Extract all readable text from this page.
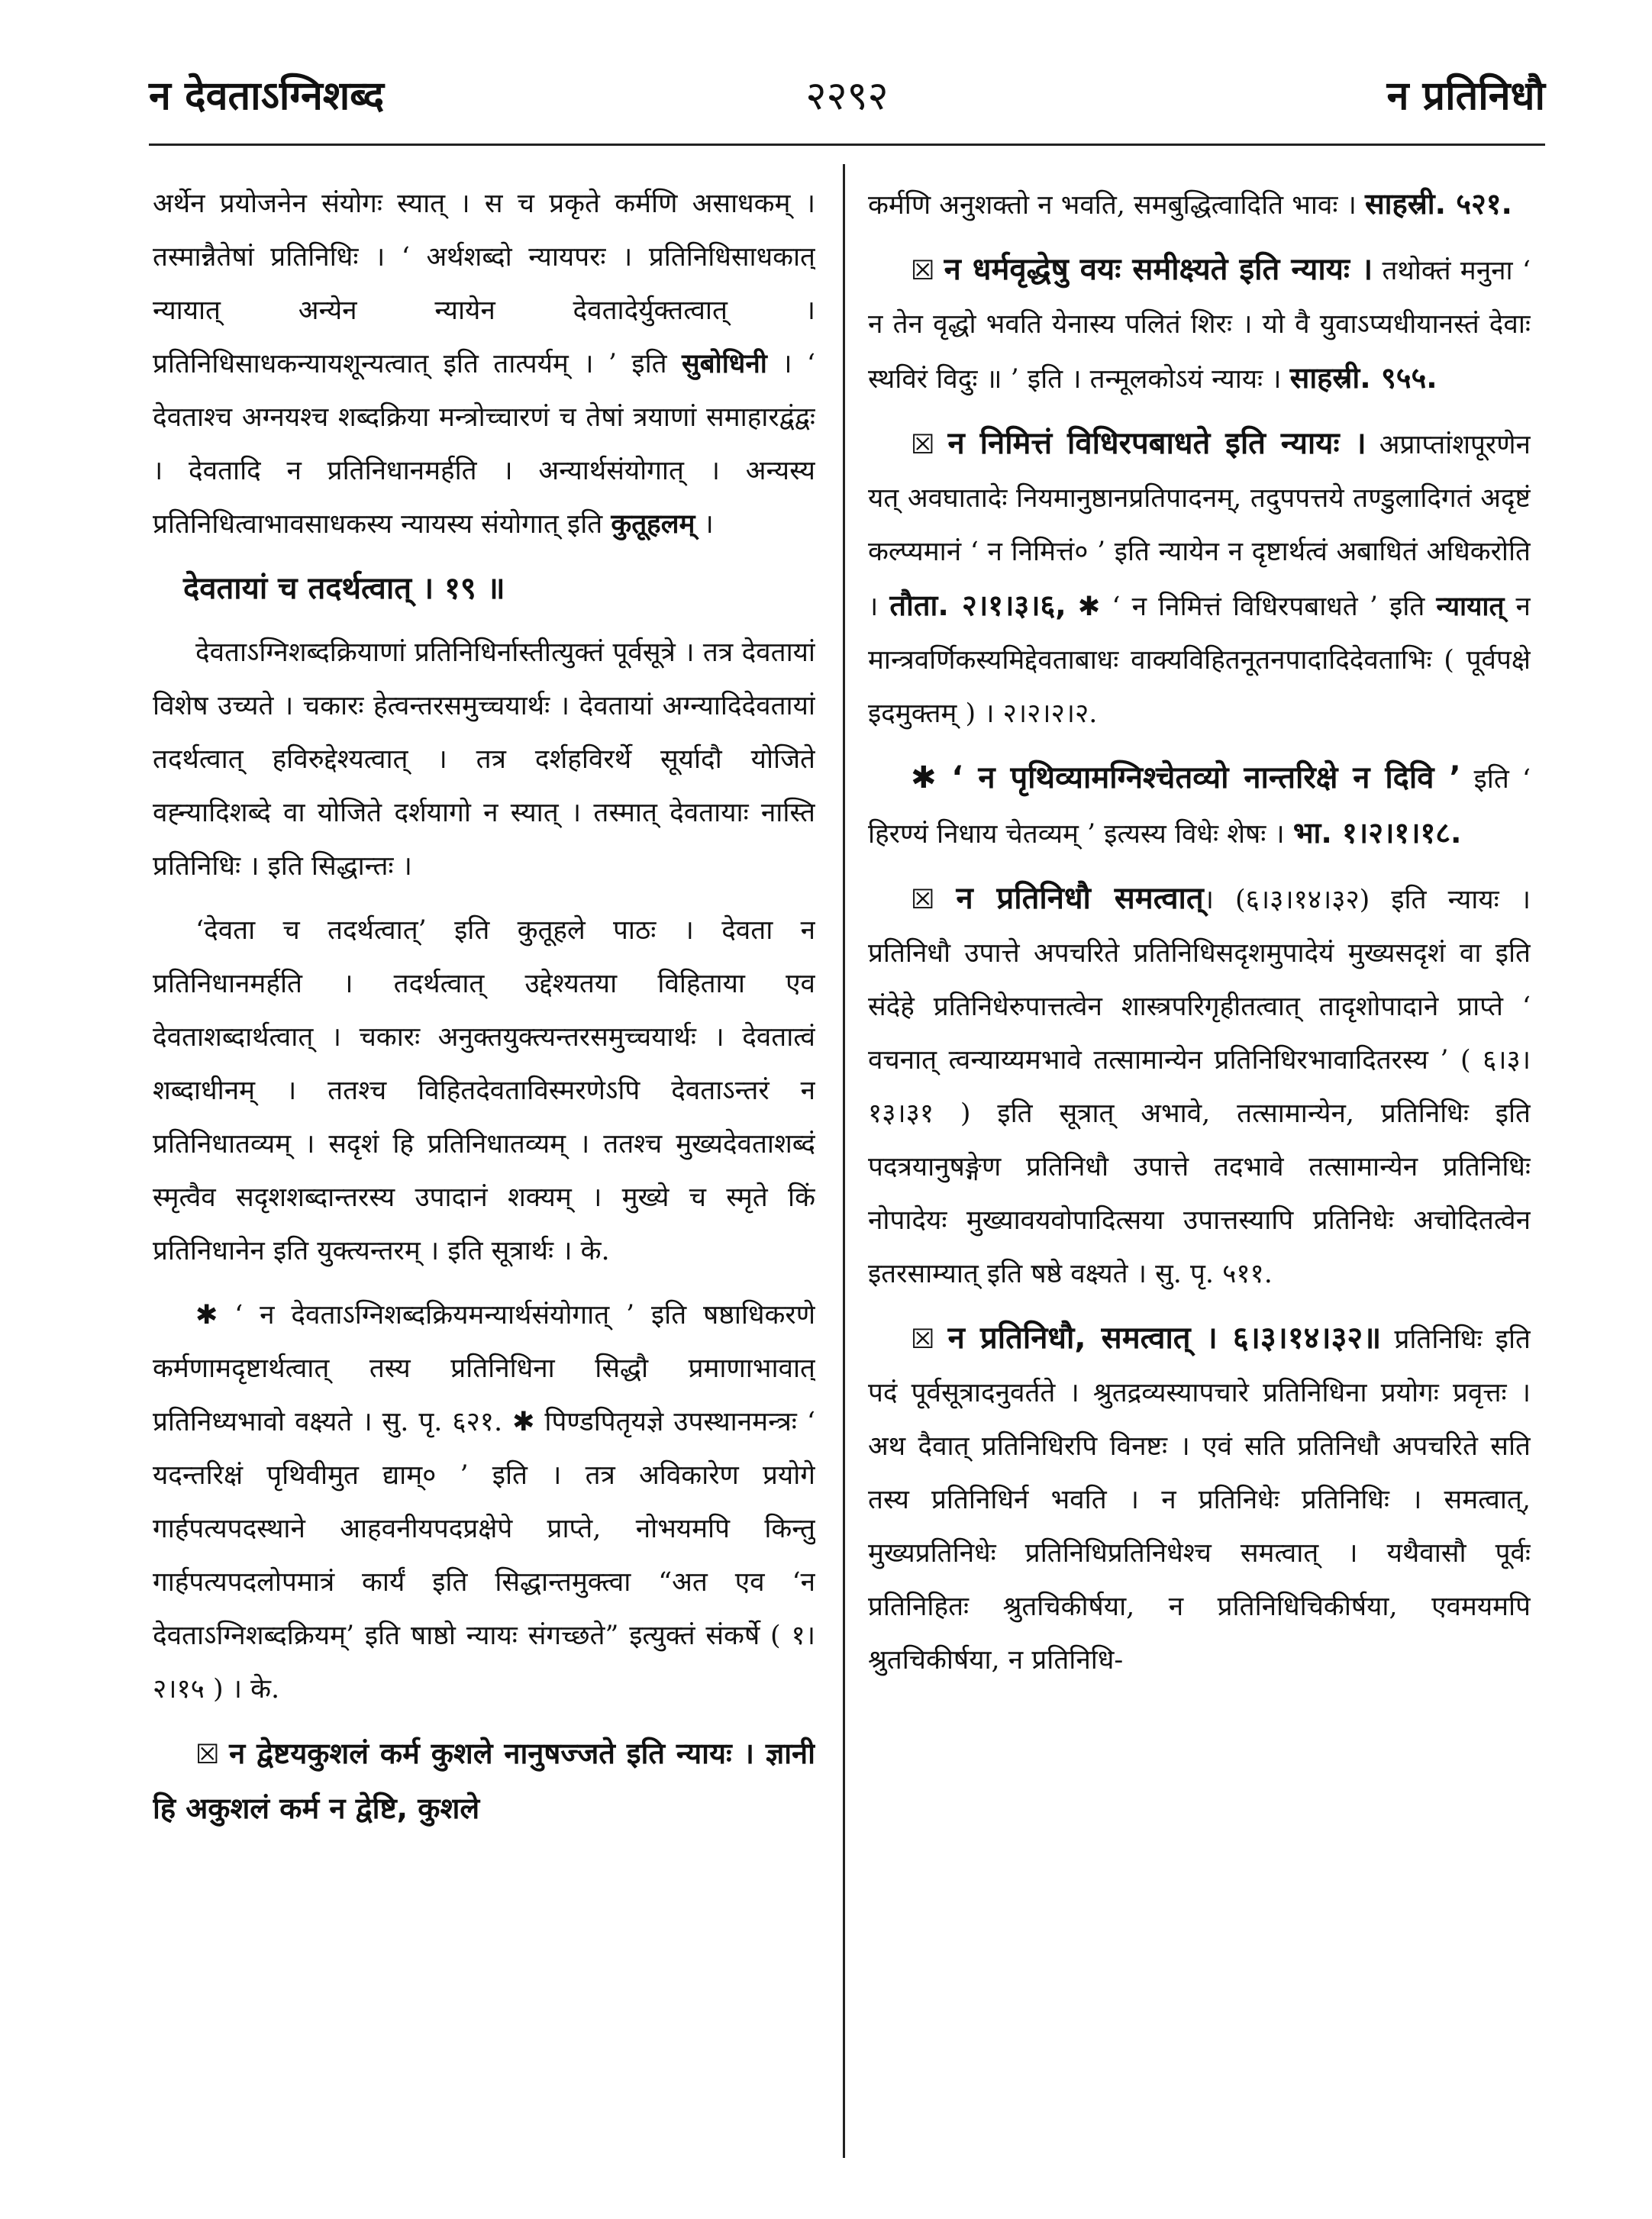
न देवताऽग्निशब्द	२२९२	न प्रतिनिधौ

अर्थेन प्रयोजनेन संयोगः स्यात् । स च प्रकृते कर्मणि असाधकम् । तस्मान्नैतेषां प्रतिनिधिः । ‘ अर्थशब्दो न्यायपरः । प्रतिनिधिसाधकात् न्यायात् अन्येन न्यायेन देवतादेर्युक्तत्वात् । प्रतिनिधिसाधकन्यायशून्यत्वात् इति तात्पर्यम् । ’ इति सुबोधिनी । ‘ देवताश्च अग्नयश्च शब्दक्रिया मन्त्रोच्चारणं च तेषां त्रयाणां समाहारद्वंद्वः । देवतादि न प्रतिनिधानमर्हति । अन्यार्थसंयोगात् । अन्यस्य प्रतिनिधित्वाभावसाधकस्य न्यायस्य संयोगात् इति कुतूहलम् ।

देवतायां च तदर्थत्वात् । १९ ॥

देवताऽग्निशब्दक्रियाणां प्रतिनिधिर्नास्तीत्युक्तं पूर्वसूत्रे । तत्र देवतायां विशेष उच्यते । चकारः हेत्वन्तरसमुच्चयार्थः । देवतायां अग्न्यादिदेवतायां तदर्थत्वात् हविरुद्देश्यत्वात् । तत्र दर्शहविरर्थे सूर्यादौ योजिते वह्न्यादिशब्दे वा योजिते दर्शयागो न स्यात् । तस्मात् देवतायाः नास्ति प्रतिनिधिः । इति सिद्धान्तः ।

‘देवता च तदर्थत्वात्’ इति कुतूहले पाठः । देवता न प्रतिनिधानमर्हति । तदर्थत्वात् उद्देश्यतया विहिताया एव देवताशब्दार्थत्वात् । चकारः अनुक्तयुक्त्यन्तरसमुच्चयार्थः । देवतात्वं शब्दाधीनम् । ततश्च विहितदेवताविस्मरणेऽपि देवताऽन्तरं न प्रतिनिधातव्यम् । सदृशं हि प्रतिनिधातव्यम् । ततश्च मुख्यदेवताशब्दं स्मृत्वैव सदृशशब्दान्तरस्य उपादानं शक्यम् । मुख्ये च स्मृते किं प्रतिनिधानेन इति युक्त्यन्तरम् । इति सूत्रार्थः । के.

✱ ‘ न देवताऽग्निशब्दक्रियमन्यार्थसंयोगात् ’ इति षष्ठाधिकरणे कर्मणामदृष्टार्थत्वात् तस्य प्रतिनिधिना सिद्धौ प्रमाणाभावात् प्रतिनिध्यभावो वक्ष्यते । सु. पृ. ६२१. ✱ पिण्डपितृयज्ञे उपस्थानमन्त्रः ‘ यदन्तरिक्षं पृथिवीमुत द्याम्० ’ इति । तत्र अविकारेण प्रयोगे गार्हपत्यपदस्थाने आहवनीयपदप्रक्षेपे प्राप्ते, नोभयमपि किन्तु गार्हपत्यपदलोपमात्रं कार्यं इति सिद्धान्तमुक्त्वा “अत एव ‘न देवताऽग्निशब्दक्रियम्’ इति षाष्ठो न्यायः संगच्छते” इत्युक्तं संकर्षे ( १।२।१५ ) । के.

☒ न द्वेष्टयकुशलं कर्म कुशले नानुषज्जते इति न्यायः । ज्ञानी हि अकुशलं कर्म न द्वेष्टि, कुशले

कर्मणि अनुशक्तो न भवति, समबुद्धित्वादिति भावः । साहस्री. ५२१.

☒ न धर्मवृद्धेषु वयः समीक्ष्यते इति न्यायः । तथोक्तं मनुना ‘ न तेन वृद्धो भवति येनास्य पलितं शिरः । यो वै युवाऽप्यधीयानस्तं देवाः स्थविरं विदुः ॥ ’ इति । तन्मूलकोऽयं न्यायः । साहस्री. ९५५.

☒ न निमित्तं विधिरपबाधते इति न्यायः । अप्राप्तांशपूरणेन यत् अवघातादेः नियमानुष्ठानप्रतिपादनम्, तदुपपत्तये तण्डुलादिगतं अदृष्टं कल्प्यमानं ‘ न निमित्तं० ’ इति न्यायेन न दृष्टार्थत्वं अबाधितं अधिकरोति । तौता. २।१।३।६, ✱ ‘ न निमित्तं विधिरपबाधते ’ इति न्यायात् न मान्त्रवर्णिकस्यमिद्देवताबाधः वाक्यविहितनूतनपादादिदेवताभिः ( पूर्वपक्षे इदमुक्तम् ) । २।२।२।२.

✱ ‘ न पृथिव्यामग्निश्चेतव्यो नान्तरिक्षे न दिवि ’ इति ‘ हिरण्यं निधाय चेतव्यम् ’ इत्यस्य विधेः शेषः । भा. १।२।१।१८.

☒ न प्रतिनिधौ समत्वात्। (६।३।१४।३२) इति न्यायः । प्रतिनिधौ उपात्ते अपचरिते प्रतिनिधिसदृशमुपादेयं मुख्यसदृशं वा इति संदेहे प्रतिनिधेरुपात्तत्वेन शास्त्रपरिगृहीतत्वात् तादृशोपादाने प्राप्ते ‘ वचनात् त्वन्याय्यमभावे तत्सामान्येन प्रतिनिधिरभावादितरस्य ’ ( ६।३।१३।३१ ) इति सूत्रात् अभावे, तत्सामान्येन, प्रतिनिधिः इति पदत्रयानुषङ्गेण प्रतिनिधौ उपात्ते तदभावे तत्सामान्येन प्रतिनिधिः नोपादेयः मुख्यावयवोपादित्सया उपात्तस्यापि प्रतिनिधेः अचोदितत्वेन इतरसाम्यात् इति षष्ठे वक्ष्यते । सु. पृ. ५११.

☒ न प्रतिनिधौ, समत्वात् । ६।३।१४।३२॥ प्रतिनिधिः इति पदं पूर्वसूत्रादनुवर्तते । श्रुतद्रव्यस्यापचारे प्रतिनिधिना प्रयोगः प्रवृत्तः । अथ दैवात् प्रतिनिधिरपि विनष्टः । एवं सति प्रतिनिधौ अपचरिते सति तस्य प्रतिनिधिर्न भवति । न प्रतिनिधेः प्रतिनिधिः । समत्वात्, मुख्यप्रतिनिधेः प्रतिनिधिप्रतिनिधेश्च समत्वात् । यथैवासौ पूर्वः प्रतिनिहितः श्रुतचिकीर्षया, न प्रतिनिधिचिकीर्षया, एवमयमपि श्रुतचिकीर्षया, न प्रतिनिधि-
